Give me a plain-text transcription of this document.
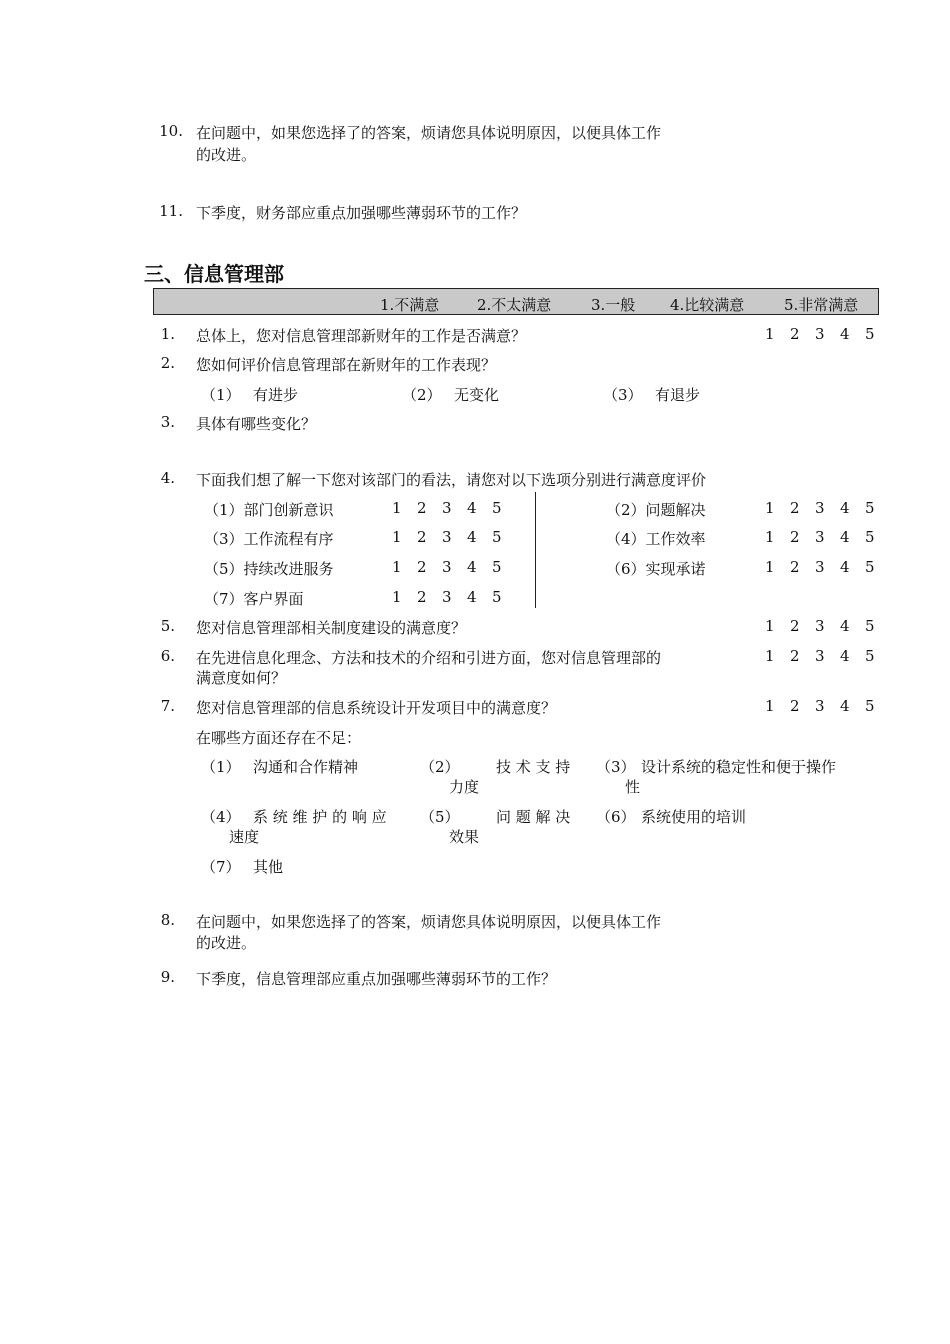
10. 在问题中，如果您选择了的答案，烦请您具体说明原因，以便具体工作
的改进。
11. 下季度，财务部应重点加强哪些薄弱环节的工作？
三、信息管理部
1.不满意	2.不太满意	3.一般 4.比较满意	5.非常满意
1. 总体上，您对信息管理部新财年的工作是否满意？	1 2 3 4 5
2. 您如何评价信息管理部在新财年的工作表现？
（1） 有进步	（2） 无变化	（3） 有退步
3. 具体有哪些变化？
4. 下面我们想了解一下您对该部门的看法，请您对以下选项分别进行满意度评价
（1）部门创新意识	1 2 3 4 5	（2）问题解决	1 2 3 4 5
（3）工作流程有序	1 2 3 4 5	（4）工作效率	1 2 3 4 5
（5）持续改进服务	1 2 3 4 5	（6）实现承诺	1 2 3 4 5
（7）客户界面	1 2 3 4 5
5. 您对信息管理部相关制度建设的满意度？	1 2 3 4 5
6. 在先进信息化理念、方法和技术的介绍和引进方面，您对信息管理部的
满意度如何？
1 2 3 4 5
7. 您对信息管理部的信息系统设计开发项目中的满意度？	1 2 3 4 5
在哪些方面还存在不足：
（1） 沟通和合作精神	（2） 技 术 支 持
力度
（3） 设计系统的稳定性和便于操作
性
（4） 系 统 维 护 的 响 应
速度
（5） 问 题 解 决
效果
（6） 系统使用的培训
（7） 其他
8. 在问题中，如果您选择了的答案，烦请您具体说明原因，以便具体工作
的改进。
9. 下季度，信息管理部应重点加强哪些薄弱环节的工作？
